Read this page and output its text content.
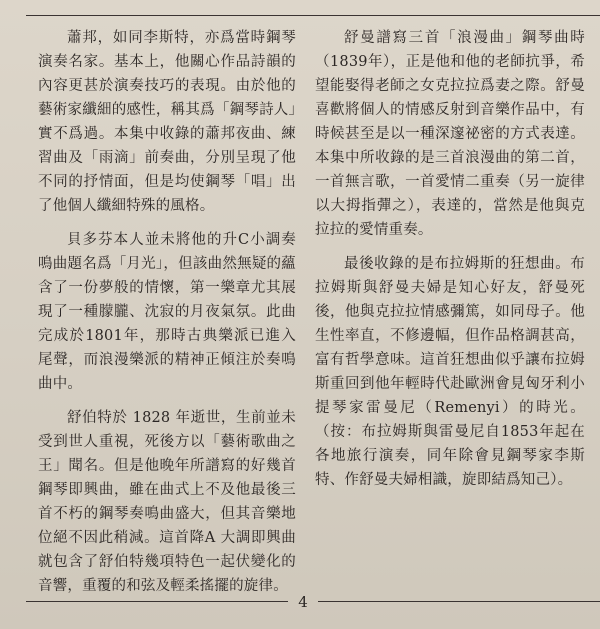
蕭邦，如同李斯特，亦爲當時鋼琴演奏名家。基本上，他關心作品詩韻的內容更甚於演奏技巧的表現。由於他的藝術家纖細的感性，稱其爲「鋼琴詩人」實不爲過。本集中收錄的蕭邦夜曲、練習曲及「雨滴」前奏曲，分別呈現了他不同的抒情面，但是均使鋼琴「唱」出了他個人纖細特殊的風格。

貝多芬本人並未將他的升C小調奏鳴曲題名爲「月光」，但該曲然無疑的蘊含了一份夢般的情懷，第一樂章尤其展現了一種朦朧、沈寂的月夜氣氛。此曲完成於1801年，那時古典樂派已進入尾聲，而浪漫樂派的精神正傾注於奏鳴曲中。

舒伯特於 1828 年逝世，生前並未受到世人重視，死後方以「藝術歌曲之王」聞名。但是他晚年所譜寫的好幾首鋼琴即興曲，雖在曲式上不及他最後三首不朽的鋼琴奏鳴曲盛大，但其音樂地位絕不因此稍減。這首降A 大調即興曲就包含了舒伯特幾項特色一起伏變化的音響，重覆的和弦及輕柔搖擺的旋律。

舒曼譜寫三首「浪漫曲」鋼琴曲時（1839年），正是他和他的老師抗爭，希望能娶得老師之女克拉拉爲妻之際。舒曼喜歡將個人的情感反射到音樂作品中，有時候甚至是以一種深邃祕密的方式表達。本集中所收錄的是三首浪漫曲的第二首，一首無言歌，一首愛情二重奏（另一旋律以大拇指彈之），表達的，當然是他與克拉拉的愛情重奏。

最後收錄的是布拉姆斯的狂想曲。布拉姆斯與舒曼夫婦是知心好友，舒曼死後，他與克拉拉情感彌篤，如同母子。他生性率直，不修邊幅，但作品格調甚高，富有哲學意味。這首狂想曲似乎讓布拉姆斯重回到他年輕時代赴歐洲會見匈牙利小提琴家雷曼尼（Remenyi）的時光。（按：布拉姆斯與雷曼尼自1853年起在各地旅行演奏，同年除會見鋼琴家李斯特、作舒曼夫婦相識，旋即結爲知己）。

4
